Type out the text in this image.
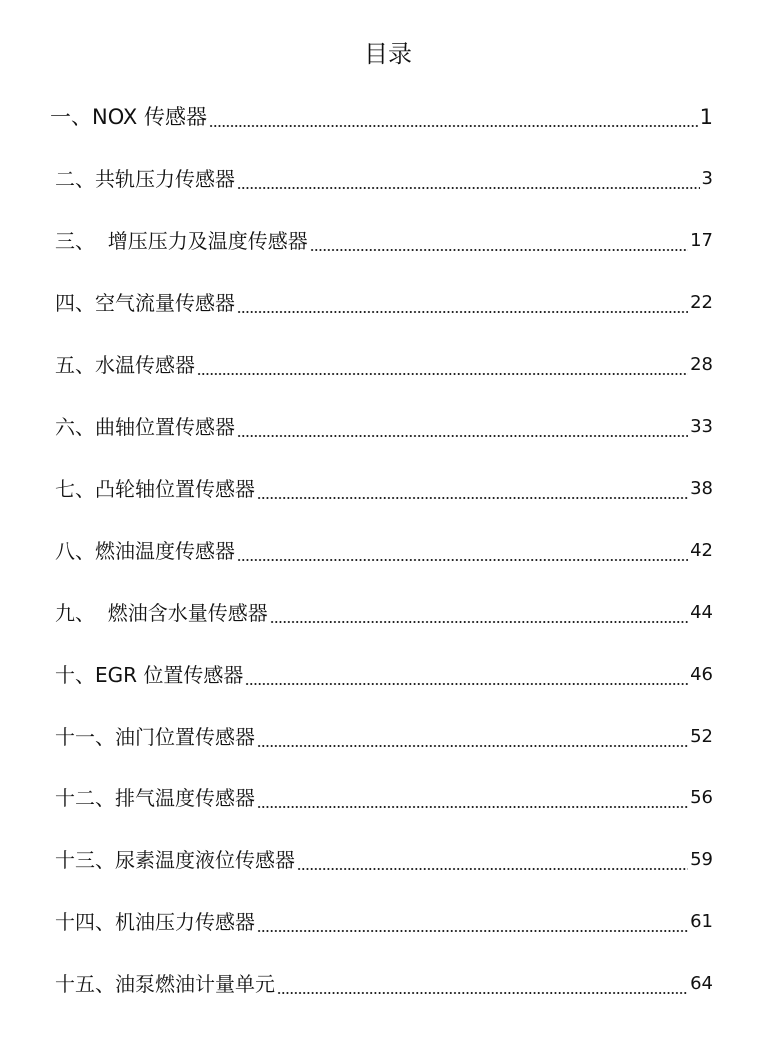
目录
一、NOX 传感器	1
二、共轨压力传感器	3
三、  增压压力及温度传感器	17
四、空气流量传感器	22
五、水温传感器	28
六、曲轴位置传感器	33
七、凸轮轴位置传感器	38
八、燃油温度传感器	42
九、  燃油含水量传感器	44
十、EGR 位置传感器	46
十一、油门位置传感器	52
十二、排气温度传感器	56
十三、尿素温度液位传感器	59
十四、机油压力传感器	61
十五、油泵燃油计量单元	64
